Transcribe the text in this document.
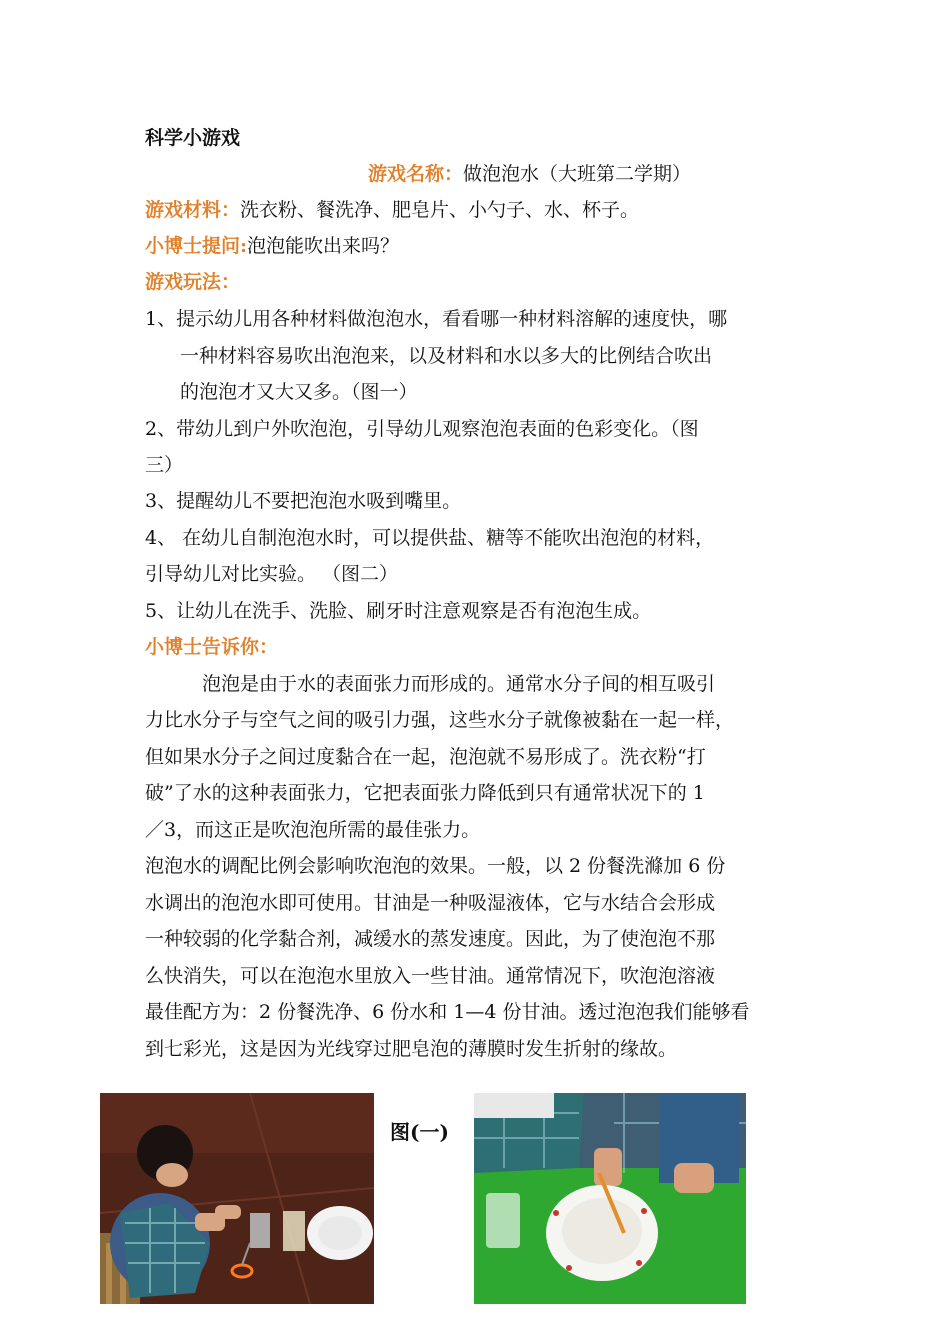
科学小游戏
游戏名称：做泡泡水（大班第二学期）
游戏材料：洗衣粉、餐洗净、肥皂片、小勺子、水、杯子。
小博士提问:泡泡能吹出来吗？
游戏玩法：
1、提示幼儿用各种材料做泡泡水，看看哪一种材料溶解的速度快，哪
一种材料容易吹出泡泡来，以及材料和水以多大的比例结合吹出
的泡泡才又大又多。（图一）
2、带幼儿到户外吹泡泡，引导幼儿观察泡泡表面的色彩变化。（图
三）
3、提醒幼儿不要把泡泡水吸到嘴里。
4、 在幼儿自制泡泡水时，可以提供盐、糖等不能吹出泡泡的材料，
引导幼儿对比实验。 （图二）
5、让幼儿在洗手、洗脸、刷牙时注意观察是否有泡泡生成。
小博士告诉你：
泡泡是由于水的表面张力而形成的。通常水分子间的相互吸引
力比水分子与空气之间的吸引力强，这些水分子就像被黏在一起一样，
但如果水分子之间过度黏合在一起，泡泡就不易形成了。洗衣粉“打
破”了水的这种表面张力，它把表面张力降低到只有通常状况下的 1
／3，而这正是吹泡泡所需的最佳张力。
泡泡水的调配比例会影响吹泡泡的效果。一般，以 2 份餐洗滌加 6 份
水调出的泡泡水即可使用。甘油是一种吸湿液体，它与水结合会形成
一种较弱的化学黏合剂，减缓水的蒸发速度。因此，为了使泡泡不那
么快消失，可以在泡泡水里放入一些甘油。通常情况下，吹泡泡溶液
最佳配方为：2 份餐洗净、6 份水和 1—4 份甘油。透过泡泡我们能够看
到七彩光，这是因为光线穿过肥皂泡的薄膜时发生折射的缘故。
图(一)
